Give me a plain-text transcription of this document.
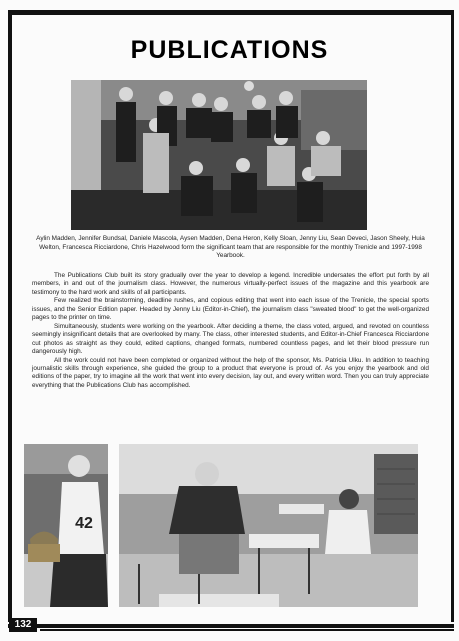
PUBLICATIONS
Aylin Madden, Jennifer Bundsal, Daniele Mascola, Aysen Madden, Dena Heron, Kelly Sloan, Jenny Liu, Sean Deveci, Jason Sheely, Huia Welton, Francesca Ricciardone, Chris Hazelwood form the significant team that are responsible for the monthly Trenicle and 1997-1998 Yearbook.

The Publications Club built its story gradually over the year to develop a legend. Incredible undersates the effort put forth by all members, in and out of the journalism class. However, the numerous virtually-perfect issues of the magazine and this yearbook are testimony to the hard work and skills of all participants.

Few realized the brainstorming, deadline rushes, and copious editing that went into each issue of the Trenicle, the special sports issues, and the Senior Edition paper. Headed by Jenny Liu (Editor-in-Chief), the journalism class "sweated blood" to get the well-organized pages to the printer on time.

Simultaneously, students were working on the yearbook. After deciding a theme, the class voted, argued, and revoted on countless seemingly insignificant details that are overlooked by many. The class, other interested students, and Editor-in-Chief Francesca Ricciardone cut photos as straight as they could, edited captions, changed formats, numbered countless pages, and let their blood pressure run dangerously high.

All the work could not have been completed or organized without the help of the sponsor, Ms. Patricia Ulku. In addition to teaching journalistic skills through experience, she guided the group to a product that everyone is proud of. As you enjoy the yearbook and old editions of the paper, try to imagine all the work that went into every decision, lay out, and every written word. Then you can truly appreciate everything that the Publications Club has accomplished.

42
132
